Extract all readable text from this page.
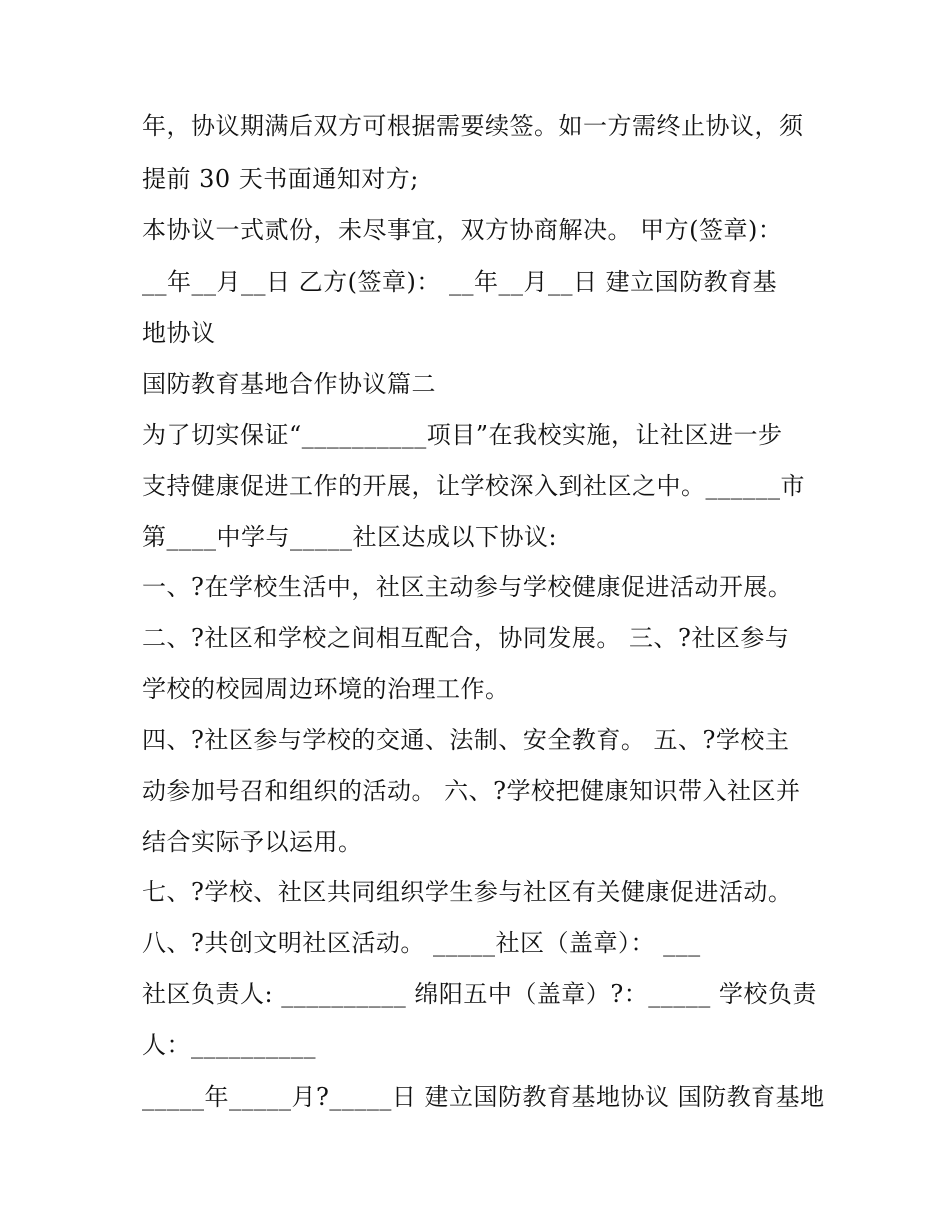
年，协议期满后双方可根据需要续签。如一方需终止协议，须
提前 30 天书面通知对方;
本协议一式贰份，未尽事宜，双方协商解决。 甲方(签章)：
__年__月__日 乙方(签章)： __年__月__日 建立国防教育基
地协议
国防教育基地合作协议篇二
为了切实保证“__________项目”在我校实施，让社区进一步
支持健康促进工作的开展，让学校深入到社区之中。______市
第____中学与_____社区达成以下协议:
一、?在学校生活中，社区主动参与学校健康促进活动开展。
二、?社区和学校之间相互配合，协同发展。 三、?社区参与
学校的校园周边环境的治理工作。
四、?社区参与学校的交通、法制、安全教育。 五、?学校主
动参加号召和组织的活动。 六、?学校把健康知识带入社区并
结合实际予以运用。
七、?学校、社区共同组织学生参与社区有关健康促进活动。
八、?共创文明社区活动。 _____社区（盖章）： ___
社区负责人: __________ 绵阳五中（盖章）?：_____ 学校负责
人：__________
_____年_____月?_____日 建立国防教育基地协议 国防教育基地
